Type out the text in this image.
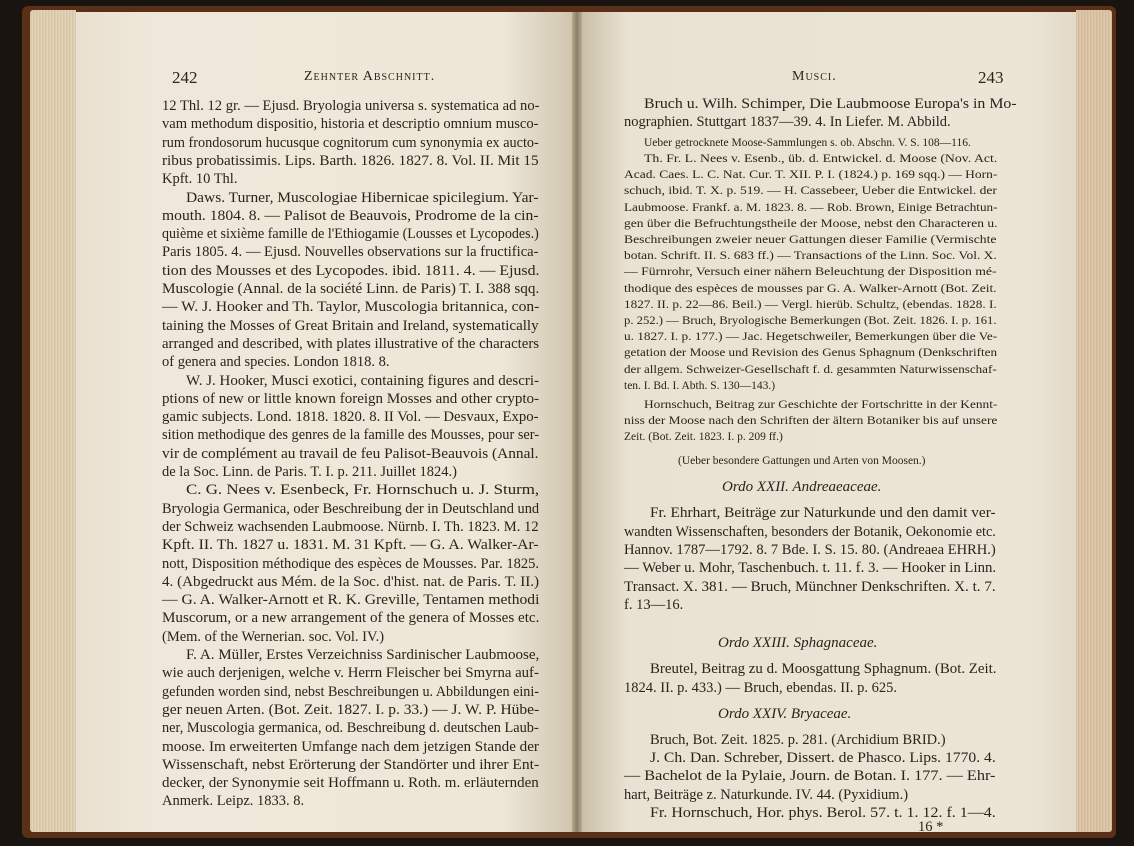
242	Zehnter Abschnitt.
12 Thl. 12 gr. — Ejusd. Bryologia universa s. systematica ad no-
vam methodum dispositio, historia et descriptio omnium musco-
rum frondosorum hucusque cognitorum cum synonymia ex aucto-
ribus probatissimis. Lips. Barth. 1826. 1827. 8. Vol. II. Mit 15
Kpft. 10 Thl.
Daws. Turner, Muscologiae Hibernicae spicilegium. Yar-
mouth. 1804. 8. — Palisot de Beauvois, Prodrome de la cin-
quième et sixième famille de l'Ethiogamie (Lousses et Lycopodes.)
Paris 1805. 4. — Ejusd. Nouvelles observations sur la fructifica-
tion des Mousses et des Lycopodes. ibid. 1811. 4. — Ejusd.
Muscologie (Annal. de la société Linn. de Paris) T. I. 388 sqq.
— W. J. Hooker and Th. Taylor, Muscologia britannica, con-
taining the Mosses of Great Britain and Ireland, systematically
arranged and described, with plates illustrative of the characters
of genera and species. London 1818. 8.
W. J. Hooker, Musci exotici, containing figures and descri-
ptions of new or little known foreign Mosses and other crypto-
gamic subjects. Lond. 1818. 1820. 8. II Vol. — Desvaux, Expo-
sition methodique des genres de la famille des Mousses, pour ser-
vir de complément au travail de feu Palisot-Beauvois (Annal.
de la Soc. Linn. de Paris. T. I. p. 211. Juillet 1824.)
C. G. Nees v. Esenbeck, Fr. Hornschuch u. J. Sturm,
Bryologia Germanica, oder Beschreibung der in Deutschland und
der Schweiz wachsenden Laubmoose. Nürnb. I. Th. 1823. M. 12
Kpft. II. Th. 1827 u. 1831. M. 31 Kpft. — G. A. Walker-Ar-
nott, Disposition méthodique des espèces de Mousses. Par. 1825.
4. (Abgedruckt aus Mém. de la Soc. d'hist. nat. de Paris. T. II.)
— G. A. Walker-Arnott et R. K. Greville, Tentamen methodi
Muscorum, or a new arrangement of the genera of Mosses etc.
(Mem. of the Wernerian. soc. Vol. IV.)
F. A. Müller, Erstes Verzeichniss Sardinischer Laubmoose,
wie auch derjenigen, welche v. Herrn Fleischer bei Smyrna auf-
gefunden worden sind, nebst Beschreibungen u. Abbildungen eini-
ger neuen Arten. (Bot. Zeit. 1827. I. p. 33.) — J. W. P. Hübe-
ner, Muscologia germanica, od. Beschreibung d. deutschen Laub-
moose. Im erweiterten Umfange nach dem jetzigen Stande der
Wissenschaft, nebst Erörterung der Standörter und ihrer Ent-
decker, der Synonymie seit Hoffmann u. Roth. m. erläuternden
Anmerk. Leipz. 1833. 8.
Musci.	243
Bruch u. Wilh. Schimper, Die Laubmoose Europa's in Mo-
nographien. Stuttgart 1837—39. 4. In Liefer. M. Abbild.
Ueber getrocknete Moose-Sammlungen s. ob. Abschn. V. S. 108—116.
Th. Fr. L. Nees v. Esenb., üb. d. Entwickel. d. Moose (Nov. Act.
Acad. Caes. L. C. Nat. Cur. T. XII. P. I. (1824.) p. 169 sqq.) — Horn-
schuch, ibid. T. X. p. 519. — H. Cassebeer, Ueber die Entwickel. der
Laubmoose. Frankf. a. M. 1823. 8. — Rob. Brown, Einige Betrachtun-
gen über die Befruchtungstheile der Moose, nebst den Characteren u.
Beschreibungen zweier neuer Gattungen dieser Familie (Vermischte
botan. Schrift. II. S. 683 ff.) — Transactions of the Linn. Soc. Vol. X.
— Fürnrohr, Versuch einer nähern Beleuchtung der Disposition mé-
thodique des espèces de mousses par G. A. Walker-Arnott (Bot. Zeit.
1827. II. p. 22—86. Beil.) — Vergl. hierüb. Schultz, (ebendas. 1828. I.
p. 252.) — Bruch, Bryologische Bemerkungen (Bot. Zeit. 1826. I. p. 161.
u. 1827. I. p. 177.) — Jac. Hegetschweiler, Bemerkungen über die Ve-
getation der Moose und Revision des Genus Sphagnum (Denkschriften
der allgem. Schweizer-Gesellschaft f. d. gesammten Naturwissenschaf-
ten. I. Bd. I. Abth. S. 130—143.)
Hornschuch, Beitrag zur Geschichte der Fortschritte in der Kennt-
niss der Moose nach den Schriften der ältern Botaniker bis auf unsere
Zeit. (Bot. Zeit. 1823. I. p. 209 ff.)
(Ueber besondere Gattungen und Arten von Moosen.)
Ordo XXII. Andreaeaceae.
Fr. Ehrhart, Beiträge zur Naturkunde und den damit ver-
wandten Wissenschaften, besonders der Botanik, Oekonomie etc.
Hannov. 1787—1792. 8. 7 Bde. I. S. 15. 80. (Andreaea EHRH.)
— Weber u. Mohr, Taschenbuch. t. 11. f. 3. — Hooker in Linn.
Transact. X. 381. — Bruch, Münchner Denkschriften. X. t. 7.
f. 13—16.
Ordo XXIII. Sphagnaceae.
Breutel, Beitrag zu d. Moosgattung Sphagnum. (Bot. Zeit.
1824. II. p. 433.) — Bruch, ebendas. II. p. 625.
Ordo XXIV. Bryaceae.
Bruch, Bot. Zeit. 1825. p. 281. (Archidium BRID.)
J. Ch. Dan. Schreber, Dissert. de Phasco. Lips. 1770. 4.
— Bachelot de la Pylaie, Journ. de Botan. I. 177. — Ehr-
hart, Beiträge z. Naturkunde. IV. 44. (Pyxidium.)
Fr. Hornschuch, Hor. phys. Berol. 57. t. 1. 12. f. 1—4.
16 *
